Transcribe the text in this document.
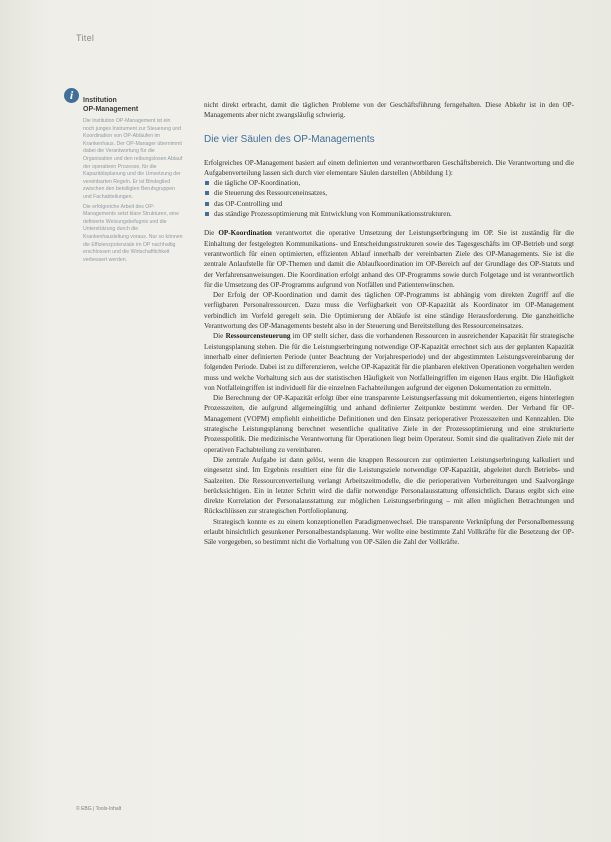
Titel
i	Institution
OP-Management

Die Institution OP-Management ist ein noch junges Instrument zur Steuerung und Koordination von OP-Abläufen im Krankenhaus. Der OP-Manager übernimmt dabei die Verantwortung für die Organisation und den reibungslosen Ablauf der operativen Prozesse, für die Kapazitätsplanung und die Umsetzung der vereinbarten Regeln. Er ist Bindeglied zwischen den beteiligten Berufsgruppen und Fachabteilungen.

Die erfolgreiche Arbeit des OP-Managements setzt klare Strukturen, eine definierte Weisungsbefugnis und die Unterstützung durch die Krankenhausleitung voraus. Nur so können die Effizienzpotenziale im OP nachhaltig erschlossen und die Wirtschaftlichkeit verbessert werden.

nicht direkt erbracht, damit die täglichen Probleme von der Geschäftsführung ferngehalten. Diese Abkehr ist in den OP-Managements aber nicht zwangsläufig schwierig.

Die vier Säulen des OP-Managements

Erfolgreiches OP-Management basiert auf einem definierten und verantwortbaren Geschäftsbereich. Die Verantwortung und die Aufgabenverteilung lassen sich durch vier elementare Säulen darstellen (Abbildung 1):

die tägliche OP-Koordination,
die Steuerung des Ressourceneinsatzes,
das OP-Controlling und
das ständige Prozessoptimierung mit Entwicklung von Kommunikationsstrukturen.

Die OP-Koordination verantwortet die operative Umsetzung der Leistungserbringung im OP. Sie ist zuständig für die Einhaltung der festgelegten Kommunikations- und Entscheidungsstrukturen sowie des Tagesgeschäfts im OP-Betrieb und sorgt verantwortlich für einen optimierten, effizienten Ablauf innerhalb der vereinbarten Ziele des OP-Managements. Sie ist die zentrale Anlaufstelle für OP-Themen und damit die Ablaufkoordination im OP-Bereich auf der Grundlage des OP-Statuts und der Verfahrensanweisungen. Die Koordination erfolgt anhand des OP-Programms sowie durch Folgetage und ist verantwortlich für die Umsetzung des OP-Programms aufgrund von Notfällen und Patientenwünschen.

Der Erfolg der OP-Koordination und damit des täglichen OP-Programms ist abhängig vom direkten Zugriff auf die verfügbaren Personalressourcen. Dazu muss die Verfügbarkeit von OP-Kapazität als Koordinator im OP-Management verbindlich im Vorfeld geregelt sein. Die Optimierung der Abläufe ist eine ständige Herausforderung. Die ganzheitliche Verantwortung des OP-Managements besteht also in der Steuerung und Bereitstellung des Ressourceneinsatzes.

Die Ressourcensteuerung im OP stellt sicher, dass die vorhandenen Ressourcen in ausreichender Kapazität für strategische Leistungsplanung stehen. Die für die Leistungserbringung notwendige OP-Kapazität errechnet sich aus der geplanten Kapazität innerhalb einer definierten Periode (unter Beachtung der Vorjahresperiode) und der abgestimmten Leistungsvereinbarung der folgenden Periode. Dabei ist zu differenzieren, welche OP-Kapazität für die planbaren elektiven Operationen vorgehalten werden muss und welche Vorhaltung sich aus der statistischen Häufigkeit von Notfalleingriffen im eigenen Haus ergibt. Die Häufigkeit von Notfalleingriffen ist individuell für die einzelnen Fachabteilungen aufgrund der eigenen Dokumentation zu ermitteln.

Die Berechnung der OP-Kapazität erfolgt über eine transparente Leistungserfassung mit dokumentierten, eigens hinterlegten Prozesszeiten, die aufgrund allgemeingültig und anhand definierter Zeitpunkte bestimmt werden. Der Verband für OP-Management (VOPM) empfiehlt einheitliche Definitionen und den Einsatz perioperativer Prozesszeiten und Kennzahlen. Die strategische Leistungsplanung berechnet wesentliche qualitative Ziele in der Prozessoptimierung und eine strukturierte Prozesspolitik. Die medizinische Verantwortung für Operationen liegt beim Operateur. Somit sind die qualitativen Ziele mit der operativen Fachabteilung zu vereinbaren.

Die zentrale Aufgabe ist dann gelöst, wenn die knappen Ressourcen zur optimierten Leistungserbringung kalkuliert und eingesetzt sind. Im Ergebnis resultiert eine für die Leistungsziele notwendige OP-Kapazität, abgeleitet durch Betriebs- und Saalzeiten. Die Ressourcenverteilung verlangt Arbeitszeitmodelle, die die perioperativen Vorbereitungen und Saalvorgänge berücksichtigen. Ein in letzter Schritt wird die dafür notwendige Personalausstattung offensichtlich. Daraus ergibt sich eine direkte Korrelation der Personalausstattung zur möglichen Leistungserbringung – mit allen möglichen Betrachtungen und Rückschlüssen zur strategischen Portfolioplanung.

Strategisch konnte es zu einem konzeptionellen Paradigmenwechsel. Die transparente Verknüpfung der Personalbemessung erlaubt hinsichtlich gesunkener Personalbestandsplanung. Wer wollte eine bestimmte Zahl Vollkräfte für die Besetzung der OP-Säle vorgegeben, so bestimmt nicht die Vorhaltung von OP-Sälen die Zahl der Vollkräfte.

© EBG | Tools-Inhalt
